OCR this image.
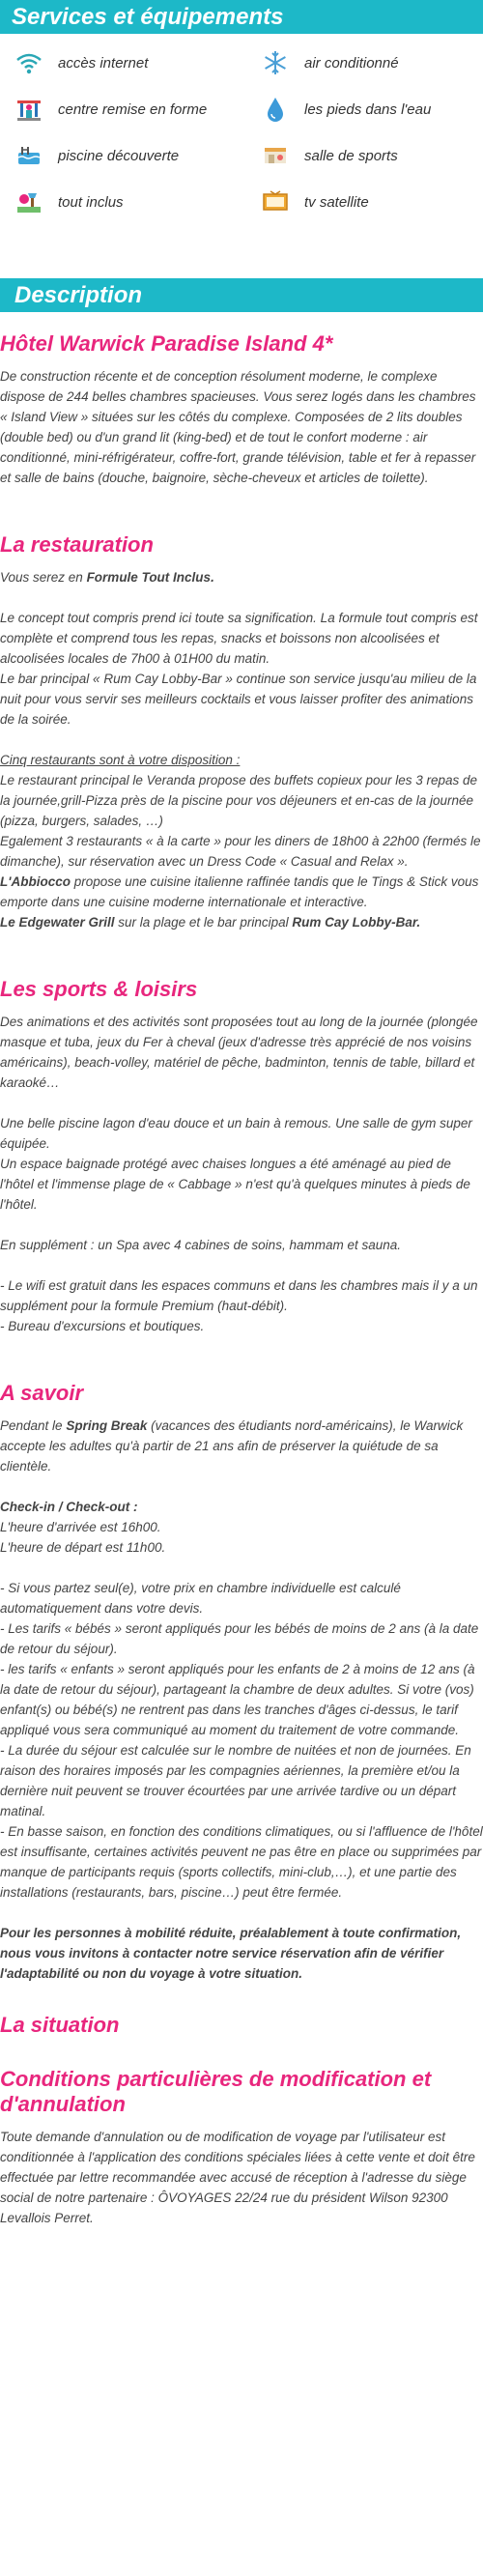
Services et équipements
accès internet	air conditionné
centre remise en forme	les pieds dans l'eau
piscine découverte	salle de sports
tout inclus	tv satellite
Description
Hôtel Warwick Paradise Island 4*

De construction récente et de conception résolument moderne, le complexe dispose de 244 belles chambres spacieuses. Vous serez logés dans les chambres « Island View » situées sur les côtés du complexe. Composées de 2 lits doubles (double bed) ou d'un grand lit (king-bed) et de tout le confort moderne : air conditionné, mini-réfrigérateur, coffre-fort, grande télévision, table et fer à repasser et salle de bains (douche, baignoire, sèche-cheveux et articles de toilette).

La restauration

Vous serez en Formule Tout Inclus.

Le concept tout compris prend ici toute sa signification. La formule tout compris est complète et comprend tous les repas, snacks et boissons non alcoolisées et alcoolisées locales de 7h00 à 01H00 du matin.

Le bar principal « Rum Cay Lobby-Bar » continue son service jusqu'au milieu de la nuit pour vous servir ses meilleurs cocktails et vous laisser profiter des animations de la soirée.

Cinq restaurants sont à votre disposition :

Le restaurant principal le Veranda propose des buffets copieux pour les 3 repas de la journée,grill-Pizza près de la piscine pour vos déjeuners et en-cas de la journée (pizza, burgers, salades, …)

Egalement 3 restaurants « à la carte » pour les diners de 18h00 à 22h00 (fermés le dimanche), sur réservation avec un Dress Code « Casual and Relax ».

L'Abbiocco propose une cuisine italienne raffinée tandis que le Tings & Stick vous emporte dans une cuisine moderne internationale et interactive.

Le Edgewater Grill sur la plage et le bar principal Rum Cay Lobby-Bar.

Les sports & loisirs

Des animations et des activités sont proposées tout au long de la journée (plongée masque et tuba, jeux du Fer à cheval (jeux d'adresse très apprécié de nos voisins américains), beach-volley, matériel de pêche, badminton, tennis de table, billard et karaoké…

Une belle piscine lagon d'eau douce et un bain à remous. Une salle de gym super équipée.

Un espace baignade protégé avec chaises longues a été aménagé au pied de l'hôtel et l'immense plage de « Cabbage » n'est qu'à quelques minutes à pieds de l'hôtel.

En supplément : un Spa avec 4 cabines de soins, hammam et sauna.

- Le wifi est gratuit dans les espaces communs et dans les chambres mais il y a un supplément pour la formule Premium (haut-débit).

- Bureau d'excursions et boutiques.

A savoir

Pendant le Spring Break (vacances des étudiants nord-américains), le Warwick accepte les adultes qu'à partir de 21 ans afin de préserver la quiétude de sa clientèle.

Check-in / Check-out :

L'heure d'arrivée est 16h00.

L'heure de départ est 11h00.

- Si vous partez seul(e), votre prix en chambre individuelle est calculé automatiquement dans votre devis.

- Les tarifs « bébés » seront appliqués pour les bébés de moins de 2 ans (à la date de retour du séjour).

- les tarifs « enfants » seront appliqués pour les enfants de 2 à moins de 12 ans (à la date de retour du séjour), partageant la chambre de deux adultes. Si votre (vos) enfant(s) ou bébé(s) ne rentrent pas dans les tranches d'âges ci-dessus, le tarif appliqué vous sera communiqué au moment du traitement de votre commande.

- La durée du séjour est calculée sur le nombre de nuitées et non de journées. En raison des horaires imposés par les compagnies aériennes, la première et/ou la dernière nuit peuvent se trouver écourtées par une arrivée tardive ou un départ matinal.

- En basse saison, en fonction des conditions climatiques, ou si l'affluence de l'hôtel est insuffisante, certaines activités peuvent ne pas être en place ou supprimées par manque de participants requis (sports collectifs, mini-club,…), et une partie des installations (restaurants, bars, piscine…) peut être fermée.

Pour les personnes à mobilité réduite, préalablement à toute confirmation, nous vous invitons à contacter notre service réservation afin de vérifier l'adaptabilité ou non du voyage à votre situation.

La situation
Conditions particulières de modification et d'annulation

Toute demande d'annulation ou de modification de voyage par l'utilisateur est conditionnée à l'application des conditions spéciales liées à cette vente et doit être effectuée par lettre recommandée avec accusé de réception à l'adresse du siège social de notre partenaire : ÔVOYAGES 22/24 rue du président Wilson 92300 Levallois Perret.
